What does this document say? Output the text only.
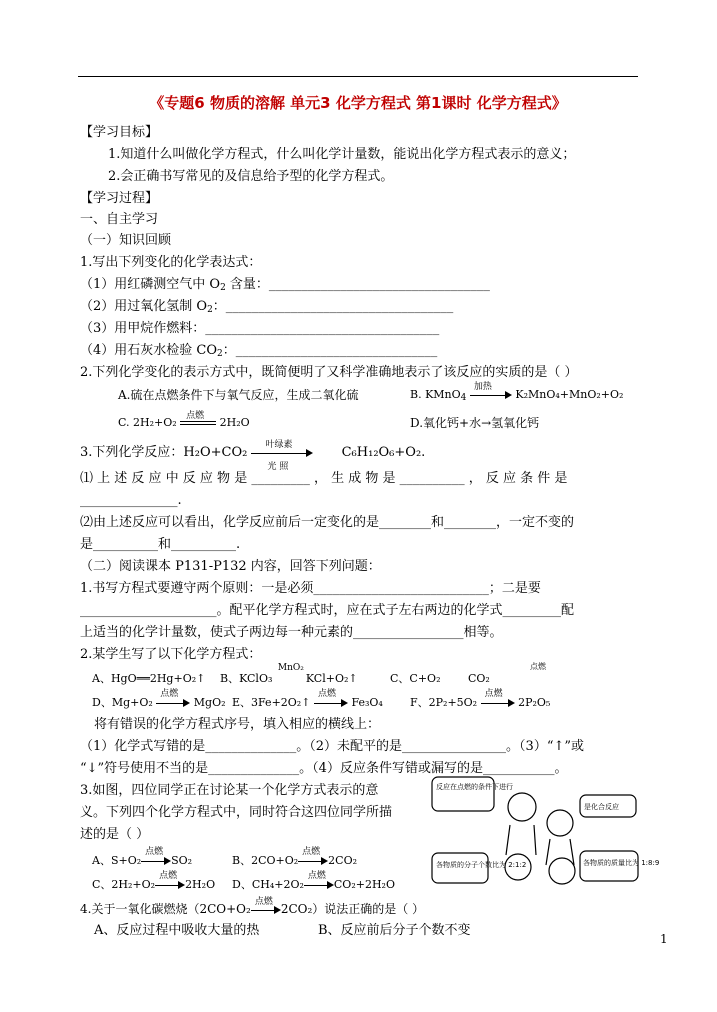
《专题6 物质的溶解 单元3 化学方程式 第1课时 化学方程式》
【学习目标】
1.知道什么叫做化学方程式，什么叫化学计量数，能说出化学方程式表示的意义；
2.会正确书写常见的及信息给予型的化学方程式。
【学习过程】
一、自主学习
（一）知识回顾
1.写出下列变化的化学表达式：
（1）用红磷测空气中 $O_2$ 含量：__________________________________
（2）用过氧化氢制 $O_2$：___________________________________
（3）用甲烷作燃料：____________________________________
（4）用石灰水检验 $CO_2$：_______________________________
2.下列化学变化的表示方式中，既简便明了又科学准确地表示了该反应的实质的是（ ）
A.硫在点燃条件下与氧气反应，生成二氧化硫	B. KMnO$_4$
加热
K₂MnO₄+MnO₂+O₂
C. 2H₂+O₂ 点燃 2H₂O	D.氧化钙+水→氢氧化钙
3.下列化学反应：H₂O+CO₂
叶绿素
光 照
C₆H₁₂O₆+O₂.
⑴ 上 述 反 应 中 反 应 物 是 _________ ， 生 成 物 是 __________ ， 反 应 条 件 是
_______________.
⑵由上述反应可以看出，化学反应前后一定变化的是________和________，一定不变的
是__________和__________.
（二）阅读课本 P131-P132 内容，回答下列问题：
1.书写方程式要遵守两个原则：一是必须___________________________；二是要
_____________________。配平化学方程式时，应在式子左右两边的化学式_________配
上适当的化学计量数，使式子两边每一种元素的_________________相等。
2.某学生写了以下化学方程式：
A、HgO══2Hg+O₂↑ B、KClO₃
MnO₂
KCl+O₂↑	C、C+O₂	CO₂
点燃
D、Mg+O₂
点燃
MgO₂ E、3Fe+2O₂↑
点燃
Fe₃O₄ F、2P₂+5O₂
点燃
2P₂O₅
将有错误的化学方程式序号，填入相应的横线上：
（1）化学式写错的是______________。（2）未配平的是________________。（3）“↑”或
“↓”符号使用不当的是______________。（4）反应条件写错或漏写的是___________。
3.如图，四位同学正在讨论某一个化学方式表示的意
义。下列四个化学方程式中，同时符合这四位同学所描
述的是（ ）
A、S+O₂
点燃
SO₂	B、2CO+O₂
点燃
2CO₂
C、2H₂+O₂
点燃
2H₂O D、CH₄+2O₂
点燃
CO₂+2H₂O
4.关于一氧化碳燃烧（2CO+O₂
点燃
2CO₂）说法正确的是（ ）
A、反应过程中吸收大量的热	B、反应前后分子个数不变
反应在点燃的条件下进行
是化合反应
各物质的分子个数比为 2:1:2	各物质的质量比为 1:8:9
1
